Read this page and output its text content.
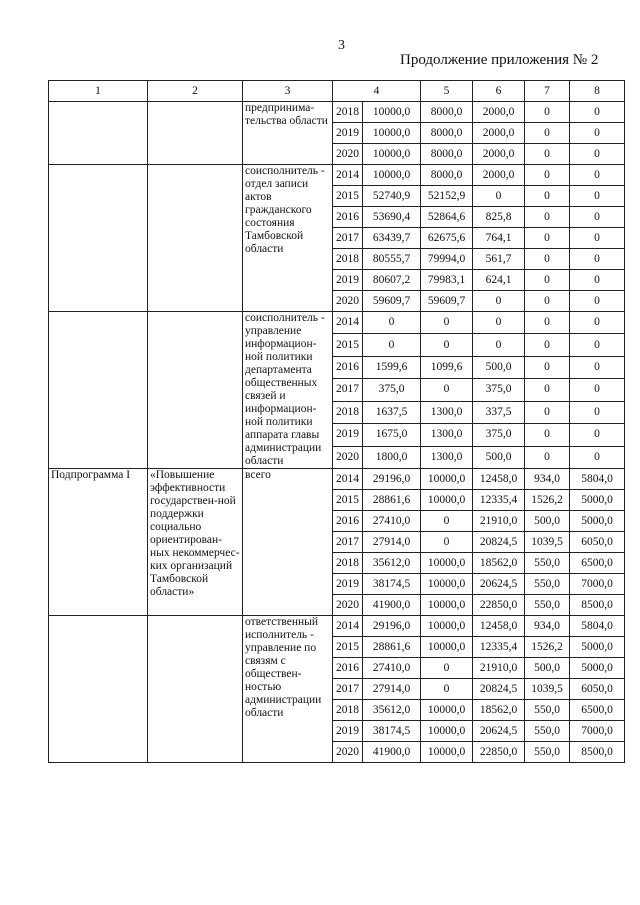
3
Продолжение приложения № 2
1	2	3	4		5	6	7	8
		предпринима-тельства области	2018	10000,0	8000,0	2000,0	0	0
			2019	10000,0	8000,0	2000,0	0	0
			2020	10000,0	8000,0	2000,0	0	0
		соисполнитель - отдел записи актов гражданского состояния Тамбовской области	2014	10000,0	8000,0	2000,0	0	0
			2015	52740,9	52152,9	0	0	0
			2016	53690,4	52864,6	825,8	0	0
			2017	63439,7	62675,6	764,1	0	0
			2018	80555,7	79994,0	561,7	0	0
			2019	80607,2	79983,1	624,1	0	0
			2020	59609,7	59609,7	0	0	0
		соисполнитель - управление информацион-ной политики департамента общественных связей и информацион-ной политики аппарата главы администрации области	2014	0	0	0	0	0
			2015	0	0	0	0	0
			2016	1599,6	1099,6	500,0	0	0
			2017	375,0	0	375,0	0	0
			2018	1637,5	1300,0	337,5	0	0
			2019	1675,0	1300,0	375,0	0	0
			2020	1800,0	1300,0	500,0	0	0
Подпрограмма I	«Повышение эффективности государствен-ной поддержки социально ориентирован-ных некоммерчес-ких организаций Тамбовской области»	всего	2014	29196,0	10000,0	12458,0	934,0	5804,0
			2015	28861,6	10000,0	12335,4	1526,2	5000,0
			2016	27410,0	0	21910,0	500,0	5000,0
			2017	27914,0	0	20824,5	1039,5	6050,0
			2018	35612,0	10000,0	18562,0	550,0	6500,0
			2019	38174,5	10000,0	20624,5	550,0	7000,0
			2020	41900,0	10000,0	22850,0	550,0	8500,0
		ответственный исполнитель - управление по связям с обществен-ностью администрации области	2014	29196,0	10000,0	12458,0	934,0	5804,0
			2015	28861,6	10000,0	12335,4	1526,2	5000,0
			2016	27410,0	0	21910,0	500,0	5000,0
			2017	27914,0	0	20824,5	1039,5	6050,0
			2018	35612,0	10000,0	18562,0	550,0	6500,0
			2019	38174,5	10000,0	20624,5	550,0	7000,0
			2020	41900,0	10000,0	22850,0	550,0	8500,0
